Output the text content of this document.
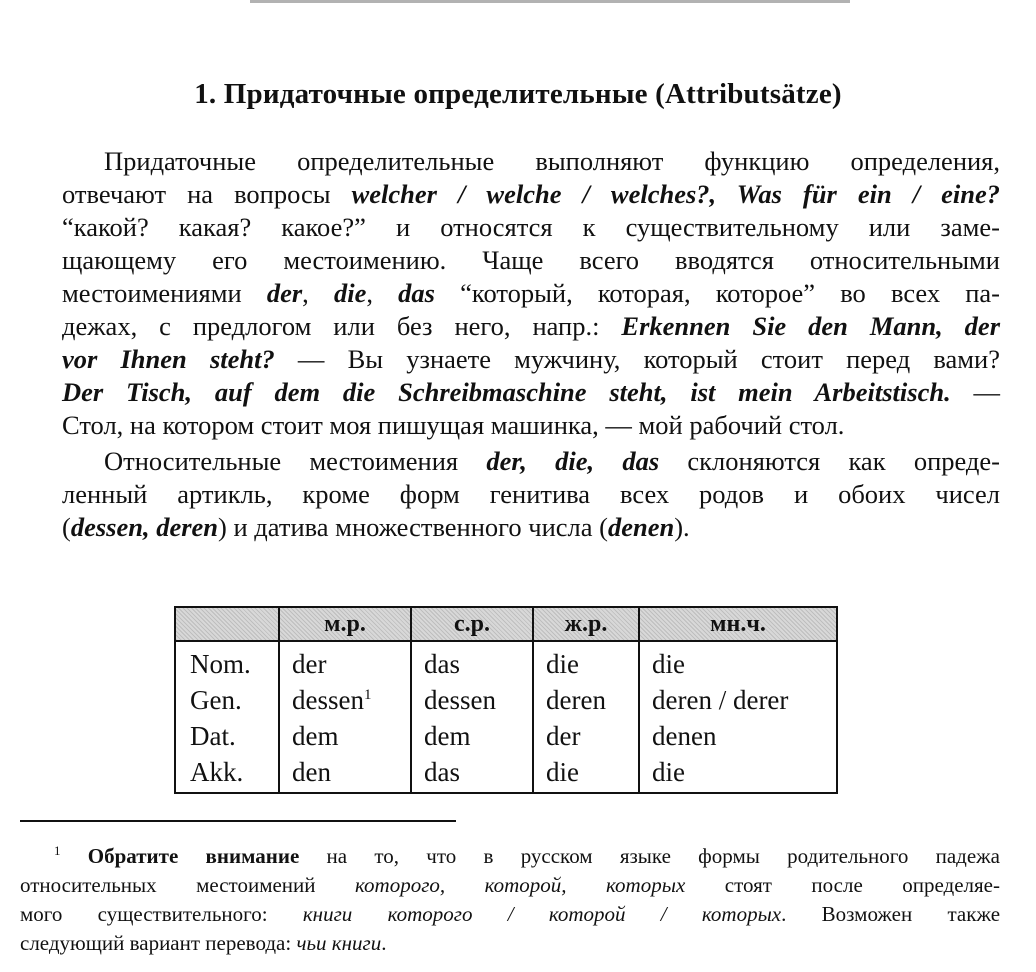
1. Придаточные определительные (Attributsätze)

Придаточные определительные выполняют функцию определения,
отвечают на вопросы welcher / welche / welches?, Was für ein / eine?
“какой? какая? какое?” и относятся к существительному или заме-
щающему его местоимению. Чаще всего вводятся относительными
местоимениями der, die, das “который, которая, которое” во всех па-
дежах, с предлогом или без него, напр.: Erkennen Sie den Mann, der
vor Ihnen steht? — Вы узнаете мужчину, который стоит перед вами?
Der Tisch, auf dem die Schreibmaschine steht, ist mein Arbeitstisch. —
Стол, на котором стоит моя пишущая машинка, — мой рабочий стол.

Относительные местоимения der, die, das склоняются как опреде-
ленный артикль, кроме форм генитива всех родов и обоих чисел
(dessen, deren) и датива множественного числа (denen).

	м.р.	с.р.	ж.р.	мн.ч.
Nom.	der	das	die	die
Gen.	dessen$^1$	dessen	deren	deren / derer
Dat.	dem	dem	der	denen
Akk.	den	das	die	die
$^1$ Обратите внимание на то, что в русском языке формы родительного падежа
относительных местоимений которого, которой, которых стоят после определяе-
мого существительного: книги которого / которой / которых. Возможен также
следующий вариант перевода: чьи книги.
